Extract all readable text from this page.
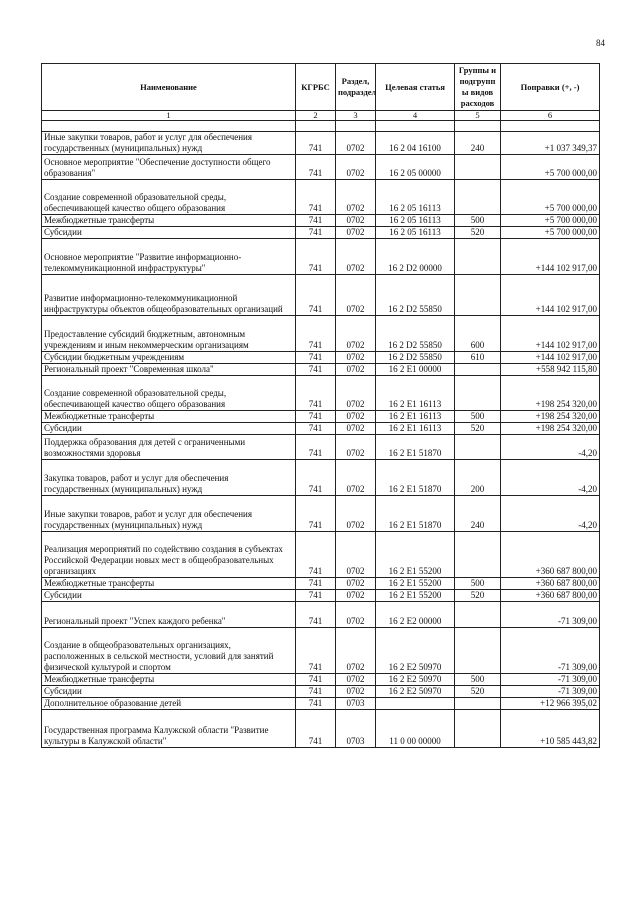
84
Наименование	КГРБС	Раздел, подраздел	Целевая статья	Группы и подгрупп ы видов расходов	Поправки (+, -)
1	2	3	4	5	6

Иные закупки товаров, работ и услуг для обеспечения государственных (муниципальных) нужд	741	0702	16 2 04 16100	240	+1 037 349,37
Основное мероприятие "Обеспечение доступности общего образования"	741	0702	16 2 05 00000		+5 700 000,00
Создание современной образовательной среды, обеспечивающей качество общего образования	741	0702	16 2 05 16113		+5 700 000,00
Межбюджетные трансферты	741	0702	16 2 05 16113	500	+5 700 000,00
Субсидии	741	0702	16 2 05 16113	520	+5 700 000,00
Основное мероприятие "Развитие информационно-телекоммуникационной инфраструктуры"	741	0702	16 2 D2 00000		+144 102 917,00
Развитие информационно-телекоммуникационной инфраструктуры объектов общеобразовательных организаций	741	0702	16 2 D2 55850		+144 102 917,00
Предоставление субсидий бюджетным, автономным учреждениям и иным некоммерческим организациям	741	0702	16 2 D2 55850	600	+144 102 917,00
Субсидии бюджетным учреждениям	741	0702	16 2 D2 55850	610	+144 102 917,00
Региональный проект "Современная школа"	741	0702	16 2 E1 00000		+558 942 115,80
Создание современной образовательной среды, обеспечивающей качество общего образования	741	0702	16 2 E1 16113		+198 254 320,00
Межбюджетные трансферты	741	0702	16 2 E1 16113	500	+198 254 320,00
Субсидии	741	0702	16 2 E1 16113	520	+198 254 320,00
Поддержка образования для детей с ограниченными возможностями здоровья	741	0702	16 2 E1 51870		-4,20
Закупка товаров, работ и услуг для обеспечения государственных (муниципальных) нужд	741	0702	16 2 E1 51870	200	-4,20
Иные закупки товаров, работ и услуг для обеспечения государственных (муниципальных) нужд	741	0702	16 2 E1 51870	240	-4,20
Реализация мероприятий по содействию создания в субъектах Российской Федерации новых мест в общеобразовательных организациях	741	0702	16 2 E1 55200		+360 687 800,00
Межбюджетные трансферты	741	0702	16 2 E1 55200	500	+360 687 800,00
Субсидии	741	0702	16 2 E1 55200	520	+360 687 800,00
Региональный проект "Успех каждого ребенка"	741	0702	16 2 E2 00000		-71 309,00
Создание в общеобразовательных организациях, расположенных в сельской местности, условий для занятий физической культурой и спортом	741	0702	16 2 E2 50970		-71 309,00
Межбюджетные трансферты	741	0702	16 2 E2 50970	500	-71 309,00
Субсидии	741	0702	16 2 E2 50970	520	-71 309,00
Дополнительное образование детей	741	0703			+12 966 395,02
Государственная программа Калужской области "Развитие культуры в Калужской области"	741	0703	11 0 00 00000		+10 585 443,82
